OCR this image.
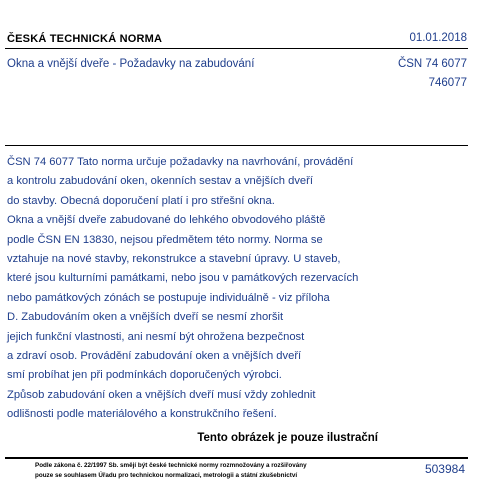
ČESKÁ TECHNICKÁ NORMA	01.01.2018
Okna a vnější dveře - Požadavky na zabudování	ČSN 74 6077
746077
ČSN 74 6077 Tato norma určuje požadavky na navrhování, provádění
a kontrolu zabudování oken, okenních sestav a vnějších dveří
do stavby. Obecná doporučení platí i pro střešní okna.
Okna a vnější dveře zabudované do lehkého obvodového pláště
podle ČSN EN 13830, nejsou předmětem této normy. Norma se
vztahuje na nové stavby, rekonstrukce a stavební úpravy. U staveb,
které jsou kulturními památkami, nebo jsou v památkových rezervacích
nebo památkových zónách se postupuje individuálně - viz příloha
D. Zabudováním oken a vnějších dveří se nesmí zhoršit
jejich funkční vlastnosti, ani nesmí být ohrožena bezpečnost
a zdraví osob. Provádění zabudování oken a vnějších dveří
smí probíhat jen při podmínkách doporučených výrobci.
Způsob zabudování oken a vnějších dveří musí vždy zohlednit
odlišnosti podle materiálového a konstrukčního řešení.
Tento obrázek je pouze ilustrační
Podle zákona č. 22/1997 Sb. smějí být české technické normy rozmnožovány a rozšiřovány
pouze se souhlasem Úřadu pro technickou normalizaci, metrologii a státní zkušebnictví	503984
